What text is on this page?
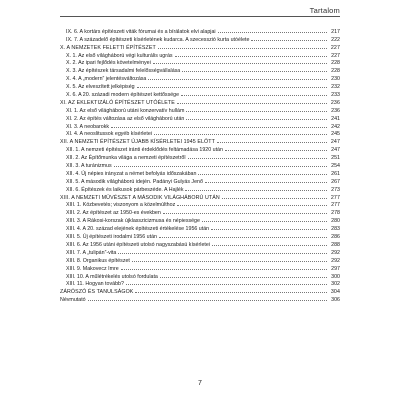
Tartalom
IX. 6. A kortárs építészeti viták fórumai és a bírálatok elvi alapjai	217
IX. 7. A századelő építészeti kísérletének kudarca. A szecesszió kurta utóélete	222
X. A NEMZETEK FELETTI ÉPÍTÉSZET	227
X. 1. Az első világháború végi kulturális ugrás	227
X. 2. Az ipari fejlődés követelményei	228
X. 3. Az építészek társadalmi felelősségvállalása	228
X. 4. A „modern” jelentésváltozása	230
X. 5. Az elveszített jelképiség	232
X. 6. A 20. századi modern építészet kettőssége	233
XI. AZ EKLEKTIZÁLÓ ÉPÍTÉSZET UTÓÉLETE	236
XI. 1. Az első világháború utáni konzervatív hullám	236
XI. 2. Az építés változása az első világháború után	241
XI. 3. A neobarokk	242
XI. 4. A neoslitussok egyéb kísérletei	245
XII. A NEMZETI ÉPÍTÉSZET ÚJABB KÍSÉRLETEI 1945 ELŐTT	247
XII. 1. A nemzeti építészet iránti érdeklődés feltámadása 1920 után	247
XII. 2. Az Építőmunka világa a nemzeti építészetről	251
XII. 3. A turánizmus	254
XII. 4. Új népies irányzat a német befolyás időszakában	261
XII. 5. A második világháború idején. Padányi Gulyás Jenő	267
XII. 6. Építészek és laikusok párbeszéde. A Hajlék	273
XIII. A NEMZETI MŰVÉSZET A MÁSODIK VILÁGHÁBORÚ UTÁN	277
XIII. 1. Közbevetés; viszonyom a közelmúlthoz	277
XIII. 2. Az építészet az 1950-es években	278
XIII. 3. A Rákosi-korszak újklasszicizmusa és népiessége	280
XIII. 4. A 20. század elejének építészeti értékelése 1956 után	283
XIII. 5. Új építészeti irodalmi 1956 után	286
XIII. 6. Az 1956 utáni építészeti utolsó nagyszabású kísérletei	288
XIII. 7. A „tulipán”-vita	292
XIII. 8. Organikus építészet	292
XIII. 9. Makovecz Imre	297
XIII. 10. A műlétrékelés utolsó fordulata	300
XIII. 11. Hogyan tovább?	302
ZÁRÓSZÓ ÉS TANULSÁGOK	304
Névmutató	306
7
